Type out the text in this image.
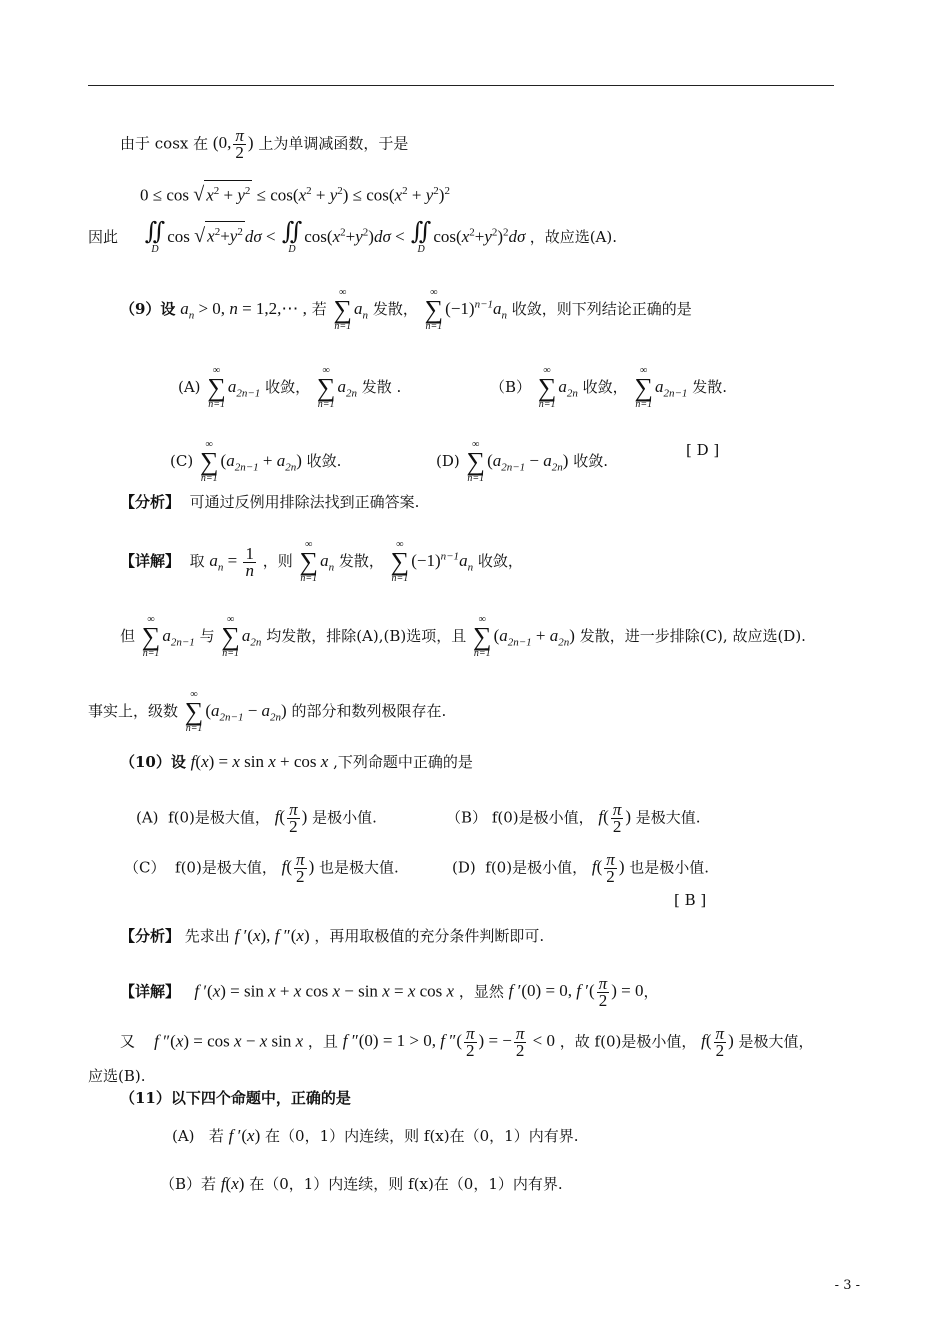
由于 cosx 在 (0, $\frac{\pi}{2}$ ) 上为单调减函数，于是
0 ≤ cos √ $x^2 + y^2 \le \cos(x^2 + y^2) \le \cos(x^2 + y^2)^2$
因此 ∬
D
cos √ $x^2+y^2$ dσ < ∬
D
$\cos(x^2+y^2)d\sigma$ < ∬
D
$\cos(x^2+y^2)^2d\sigma$ ，故应选(A).
（9）设 $a_n > 0$, n = 1,2,⋯ , 若
∞
∑
n=1
$a_n$ 发散，
∞
∑
n=1
$(-1)^{n-1}a_n$ 收敛，则下列结论正确的是
(A)
∞
∑
n=1
$a_{2n-1}$ 收敛，
∞
∑
n=1
$a_{2n}$ 发散 .	（B）
∞
∑
n=1
$a_{2n}$ 收敛，
∞
∑
n=1
$a_{2n-1}$ 发散.
(C)
∞
∑
n=1
$(a_{2n-1} + a_{2n})$ 收敛.	(D)
∞
∑
n=1
$(a_{2n-1} - a_{2n})$ 收敛.
[ D ]
【分析】 可通过反例用排除法找到正确答案.
【详解】 取 $a_n = \frac{1}{n}$ ，则
∞
∑
n=1
$a_n$ 发散，
∞
∑
n=1
$(-1)^{n-1}a_n$ 收敛，
但
∞
∑
n=1
$a_{2n-1}$ 与
∞
∑
n=1
$a_{2n}$ 均发散，排除(A),(B)选项，且
∞
∑
n=1
$(a_{2n-1} + a_{2n})$ 发散，进一步排除(C), 故应选(D).
事实上，级数
∞
∑
n=1
$(a_{2n-1} - a_{2n})$ 的部分和数列极限存在.
（10）设 f(x) = x sin x + cos x ,下列命题中正确的是
(A) f(0)是极大值， $f( \frac{\pi}{2}$ ) 是极小值.	（B） f(0)是极小值， $f( \frac{\pi}{2}$ ) 是极大值.
（C） f(0)是极大值， $f( \frac{\pi}{2}$ ) 也是极大值.	(D) f(0)是极小值， $f( \frac{\pi}{2}$ ) 也是极小值.
[ B ]
【分析】 先求出 f ′(x), f ″(x) ，再用取极值的充分条件判断即可.
【详解】 f ′(x) = sin x + x cos x − sin x = x cos x ，显然 f ′(0) = 0, f ′( $\frac{\pi}{2}$ ) = 0，
又 f ″(x) = cos x − x sin x ，且 f ″(0) = 1 > 0, f ″( $\frac{\pi}{2}$ ) = − $\frac{\pi}{2} < 0$ ，故 f(0)是极小值， $f( \frac{\pi}{2}$ ) 是极大值，
应选(B).
（11）以下四个命题中，正确的是
(A) 若 f ′(x) 在（0，1）内连续，则 f(x)在（0，1）内有界.
（B）若 f(x) 在（0，1）内连续，则 f(x)在（0，1）内有界.
- 3 -
